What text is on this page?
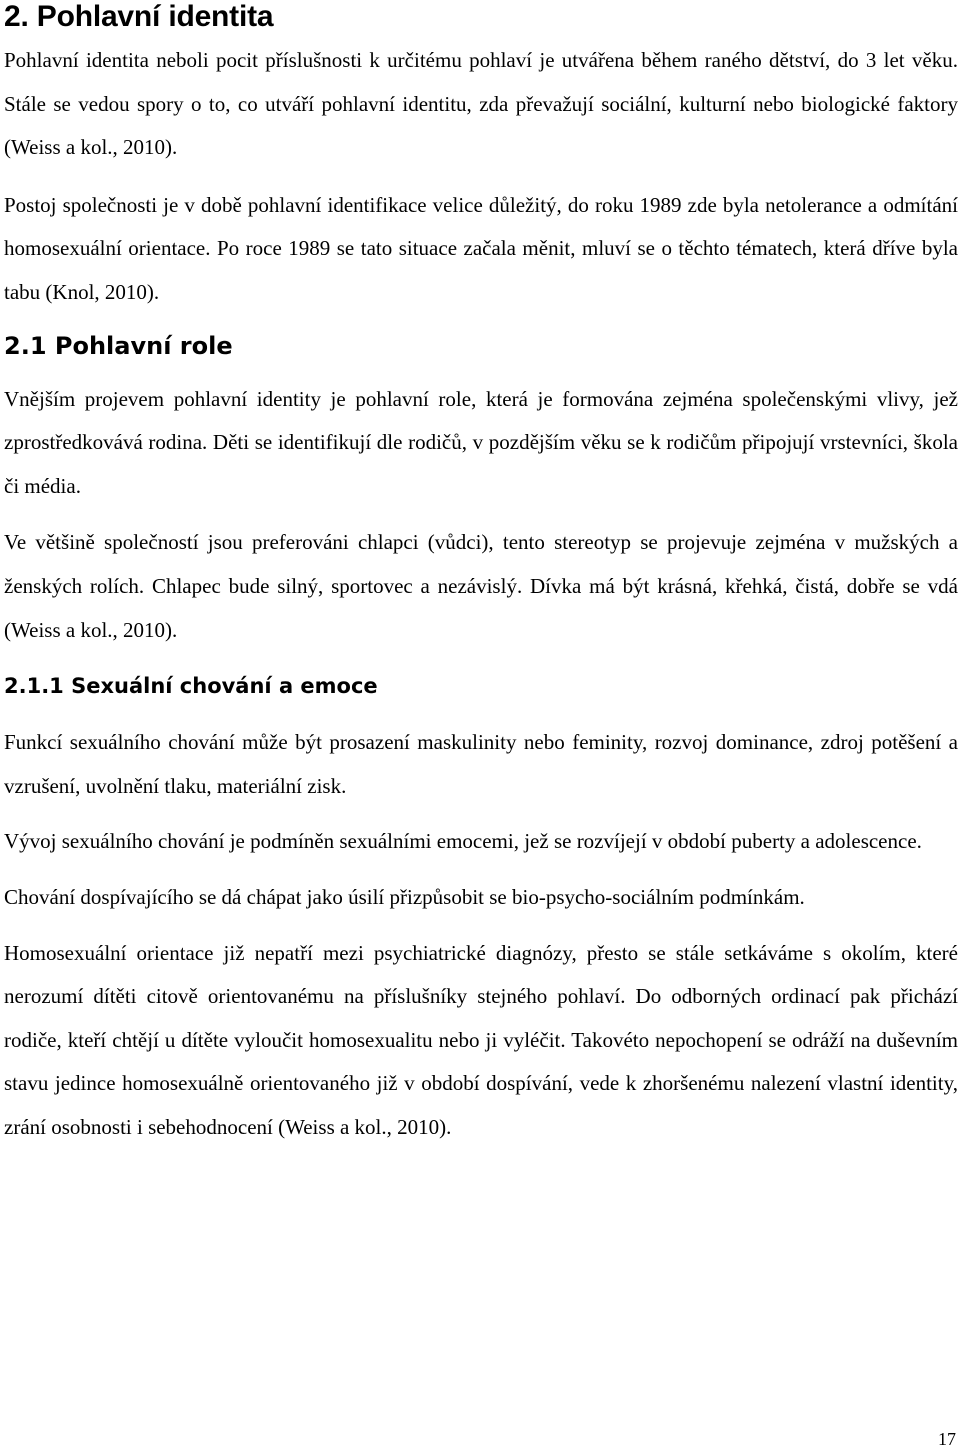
2. Pohlavní identita

Pohlavní identita neboli pocit příslušnosti k určitému pohlaví je utvářena během raného dětství, do 3 let věku. Stále se vedou spory o to, co utváří pohlavní identitu, zda převažují sociální, kulturní nebo biologické faktory (Weiss a kol., 2010).

Postoj společnosti je v době pohlavní identifikace velice důležitý, do roku 1989 zde byla netolerance a odmítání homosexuální orientace. Po roce 1989 se tato situace začala měnit, mluví se o těchto tématech, která dříve byla tabu (Knol, 2010).

2.1 Pohlavní role

Vnějším projevem pohlavní identity je pohlavní role, která je formována zejména společenskými vlivy, jež zprostředkovává rodina. Děti se identifikují dle rodičů, v pozdějším věku se k rodičům připojují vrstevníci, škola či média.

Ve většině společností jsou preferováni chlapci (vůdci), tento stereotyp se projevuje zejména v mužských a ženských rolích. Chlapec bude silný, sportovec a nezávislý. Dívka má být krásná, křehká, čistá, dobře se vdá (Weiss a kol., 2010).

2.1.1 Sexuální chování a emoce

Funkcí sexuálního chování může být prosazení maskulinity nebo feminity, rozvoj dominance, zdroj potěšení a vzrušení, uvolnění tlaku, materiální zisk.

Vývoj sexuálního chování je podmíněn sexuálními emocemi, jež se rozvíjejí v období puberty a adolescence.

Chování dospívajícího se dá chápat jako úsilí přizpůsobit se bio-psycho-sociálním podmínkám.

Homosexuální orientace již nepatří mezi psychiatrické diagnózy, přesto se stále setkáváme s okolím, které nerozumí dítěti citově orientovanému na příslušníky stejného pohlaví. Do odborných ordinací pak přichází rodiče, kteří chtějí u dítěte vyloučit homosexualitu nebo ji vyléčit. Takovéto nepochopení se odráží na duševním stavu jedince homosexuálně orientovaného již v období dospívání, vede k zhoršenému nalezení vlastní identity, zrání osobnosti i sebehodnocení (Weiss a kol., 2010).

17
